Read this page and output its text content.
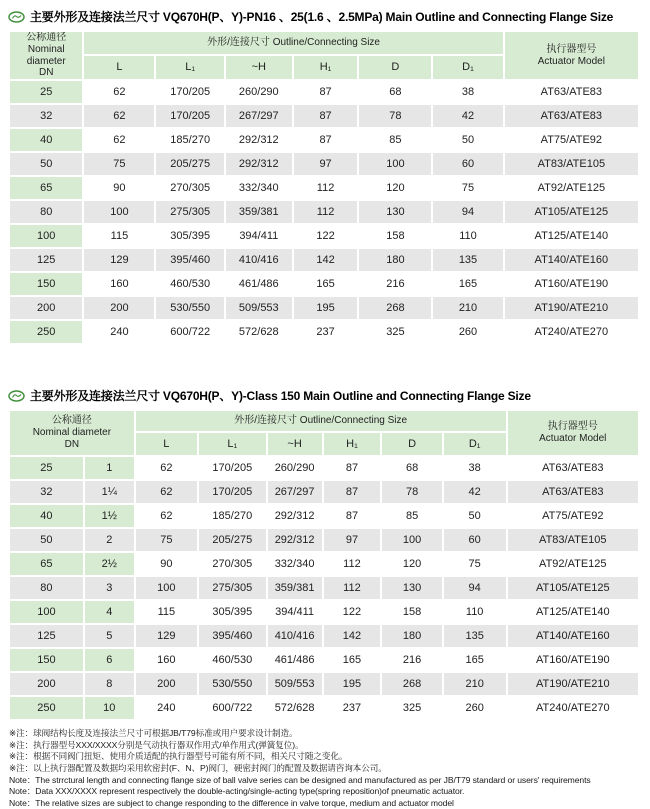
主要外形及连接法兰尺寸 VQ670H(P、Y)-PN16 、25(1.6 、2.5MPa) Main Outline and Connecting Flange Size
公称通径
Nominal
diameter
DN	外形/连接尺寸 Outline/Connecting Size						执行器型号
Actuator Model
	L	L₁	~H	H₁	D	D₁	
25	62	170/205	260/290	87	68	38	AT63/ATE83
32	62	170/205	267/297	87	78	42	AT63/ATE83
40	62	185/270	292/312	87	85	50	AT75/ATE92
50	75	205/275	292/312	97	100	60	AT83/ATE105
65	90	270/305	332/340	112	120	75	AT92/ATE125
80	100	275/305	359/381	112	130	94	AT105/ATE125
100	115	305/395	394/411	122	158	110	AT125/ATE140
125	129	395/460	410/416	142	180	135	AT140/ATE160
150	160	460/530	461/486	165	216	165	AT160/ATE190
200	200	530/550	509/553	195	268	210	AT190/ATE210
250	240	600/722	572/628	237	325	260	AT240/ATE270
主要外形及连接法兰尺寸 VQ670H(P、Y)-Class 150 Main Outline and Connecting Flange Size
公称通径
Nominal diameter
DN		外形/连接尺寸 Outline/Connecting Size						执行器型号
Actuator Model
		L	L₁	~H	H₁	D	D₁	
25	1	62	170/205	260/290	87	68	38	AT63/ATE83
32	1¼	62	170/205	267/297	87	78	42	AT63/ATE83
40	1½	62	185/270	292/312	87	85	50	AT75/ATE92
50	2	75	205/275	292/312	97	100	60	AT83/ATE105
65	2½	90	270/305	332/340	112	120	75	AT92/ATE125
80	3	100	275/305	359/381	112	130	94	AT105/ATE125
100	4	115	305/395	394/411	122	158	110	AT125/ATE140
125	5	129	395/460	410/416	142	180	135	AT140/ATE160
150	6	160	460/530	461/486	165	216	165	AT160/ATE190
200	8	200	530/550	509/553	195	268	210	AT190/ATE210
250	10	240	600/722	572/628	237	325	260	AT240/ATE270

※注：球阀结构长度及连接法兰尺寸可根据JB/T79标准或用户要求设计制造。

※注：执行器型号XXX/XXXX分别是气动执行器双作用式/单作用式(弹簧复位)。

※注：根据不同阀门扭矩、使用介质适配的执行器型号可能有所不同，相关尺寸随之变化。

※注：以上执行器配置及数据均采用软密封(F、N、P)阀门，硬密封阀门的配置及数据请咨询本公司。

Note：The strrctural length and connecting flange size of ball valve series can be designed and manufactured as per JB/T79 standard or users' requirements

Note：Data XXX/XXXX represent respectively the double-acting/single-acting type(spring reposition)of pneumatic actuator.

Note：The relative sizes are subject to change responding to the difference in valve torque, medium and actuator model
